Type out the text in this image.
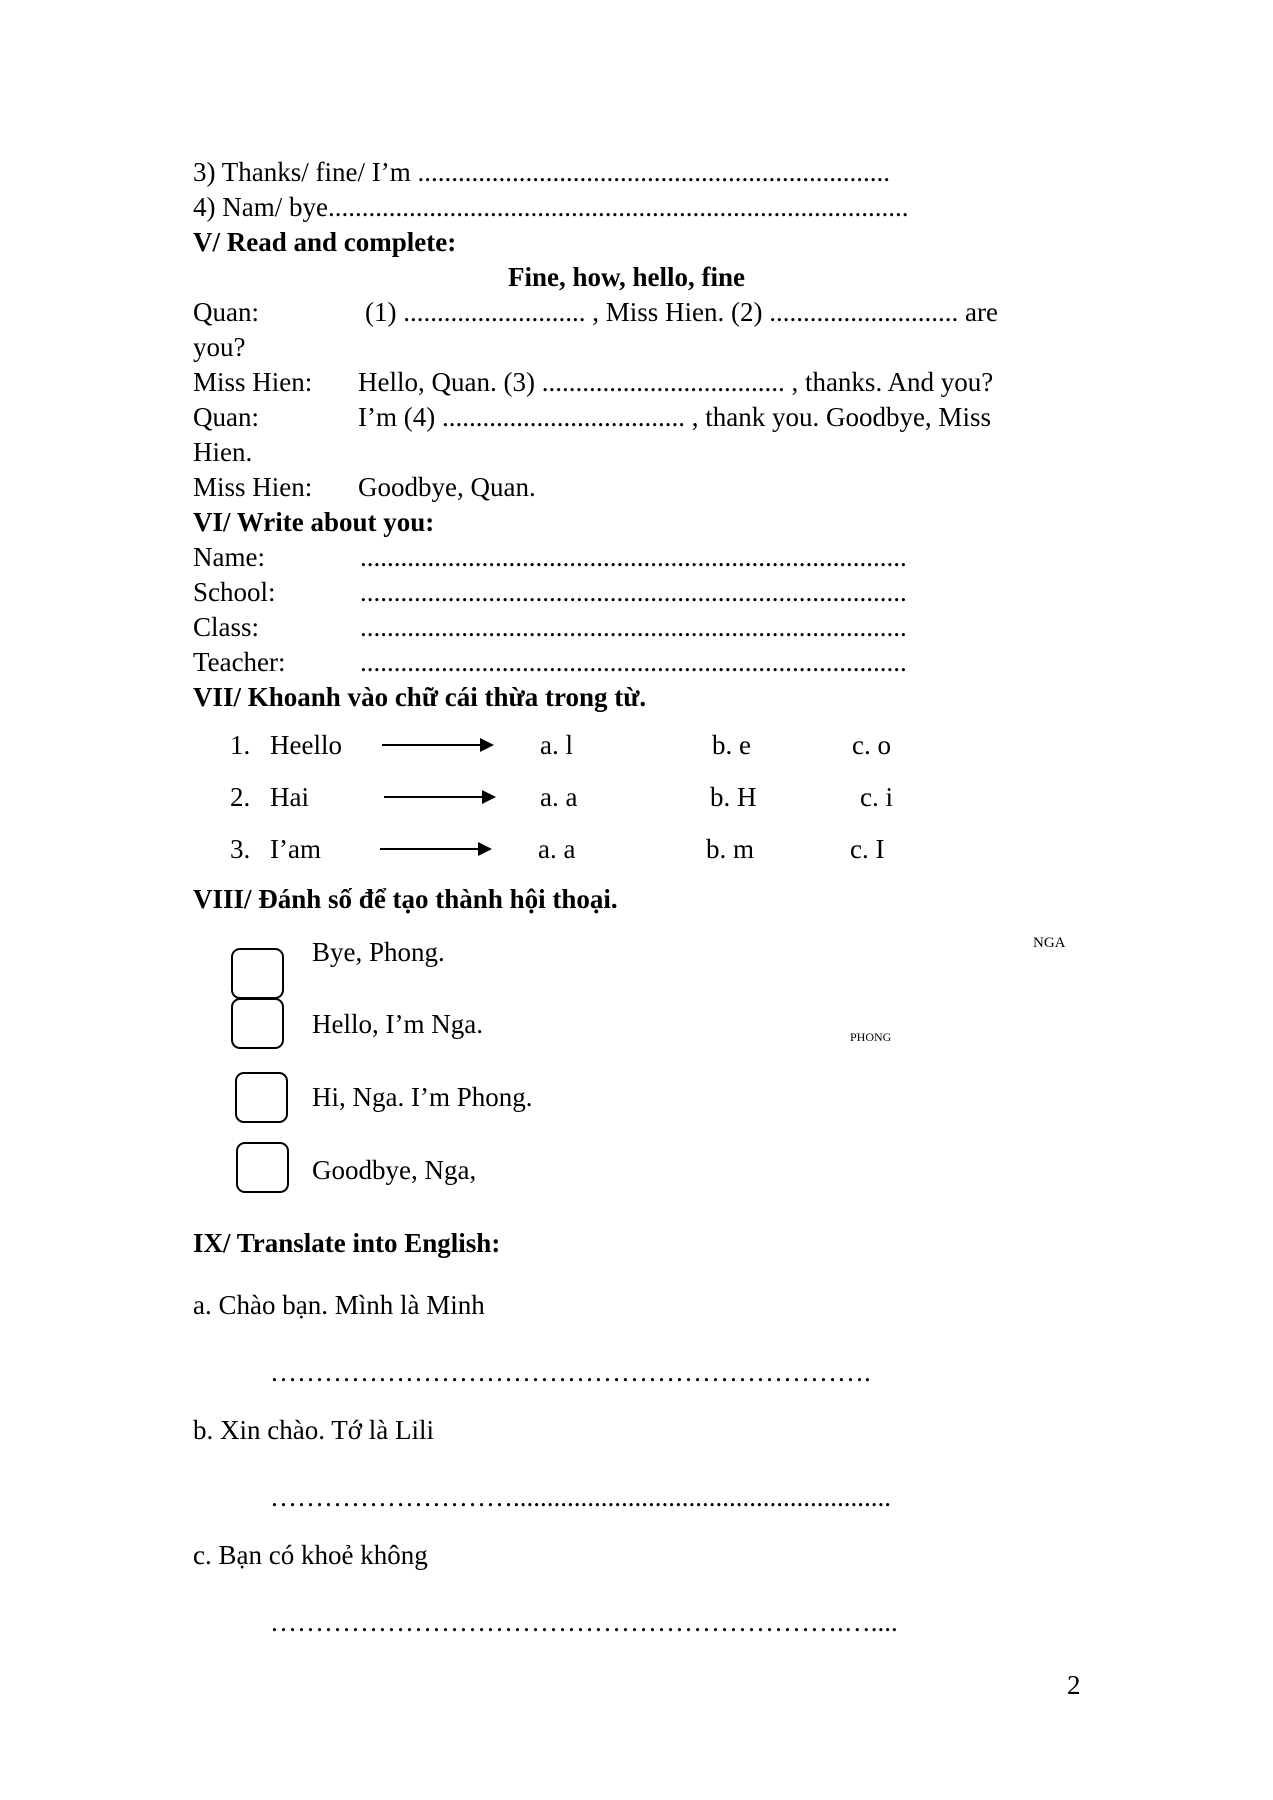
3) Thanks/ fine/ I’m ......................................................................
4) Nam/ bye......................................................................................
V/ Read and complete:
Fine, how, hello, fine
Quan:	(1) ........................... , Miss Hien. (2) ............................ are
you?
Miss Hien: Hello, Quan. (3) .................................... , thanks. And you?
Quan:	I’m (4) .................................... , thank you. Goodbye, Miss
Hien.
Miss Hien: Goodbye, Quan.
VI/ Write about you:
Name:	.................................................................................
School:	.................................................................................
Class:	.................................................................................
Teacher:	.................................................................................
VII/ Khoanh vào chữ cái thừa trong từ.
1. Heello	a. l	b. e	c. o
2. Hai	a. a	b. H	c. i
3. I’am	a. a	b. m	c. I
VIII/ Đánh số để tạo thành hội thoại.
Bye, Phong.
Hello, I’m Nga.
Hi, Nga. I’m Phong.
Goodbye, Nga,
NGA
PHONG
IX/ Translate into English:
a. Chào bạn. Mình là Minh
………………………………………………………….
b. Xin chào. Tớ là Lili
………………………........................................................
c. Bạn có khoẻ không
……………………………………………………….…....
2
